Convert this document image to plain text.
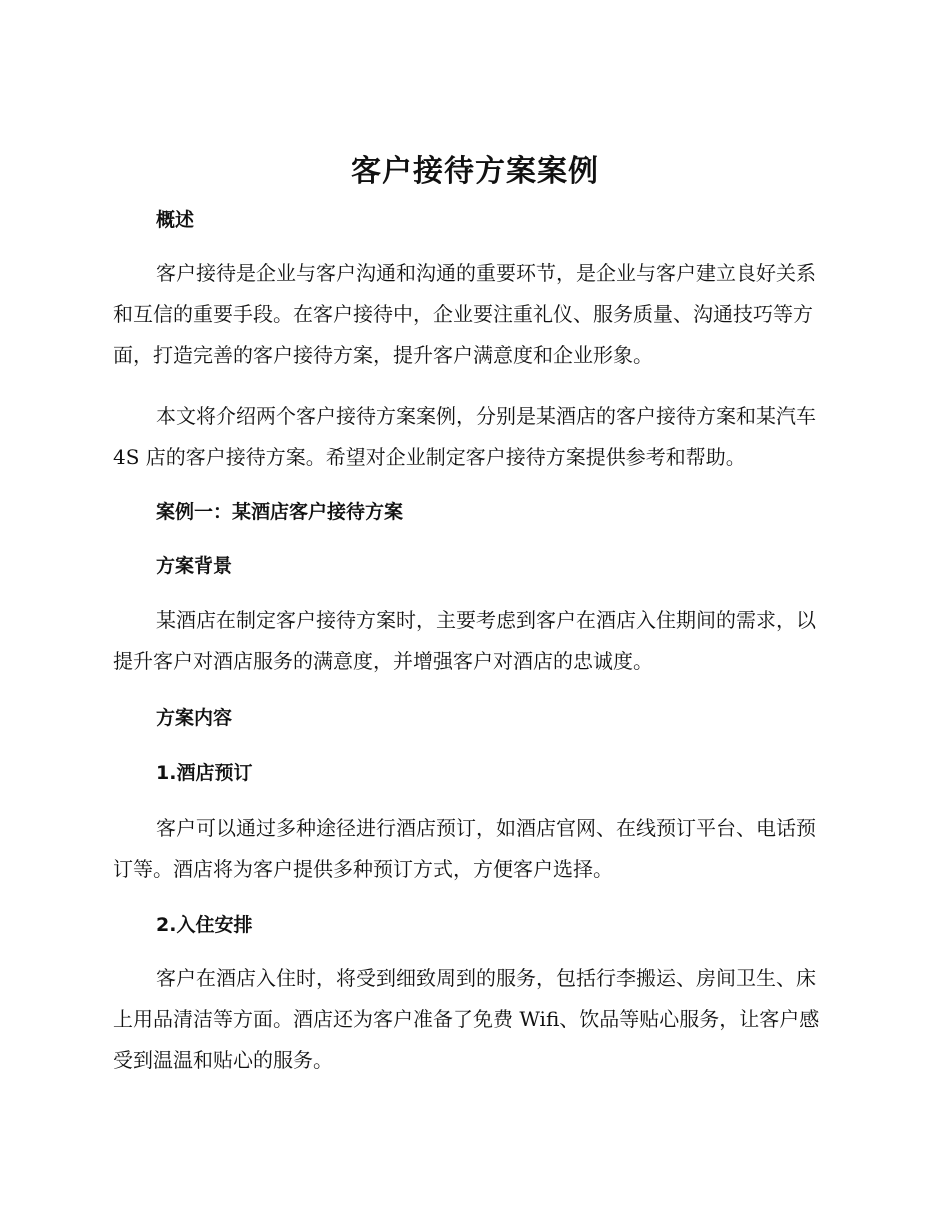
客户接待方案案例
概述

客户接待是企业与客户沟通和沟通的重要环节，是企业与客户建立良好关系和互信的重要手段。在客户接待中，企业要注重礼仪、服务质量、沟通技巧等方面，打造完善的客户接待方案，提升客户满意度和企业形象。

本文将介绍两个客户接待方案案例，分别是某酒店的客户接待方案和某汽车 4S 店的客户接待方案。希望对企业制定客户接待方案提供参考和帮助。

案例一：某酒店客户接待方案
方案背景

某酒店在制定客户接待方案时，主要考虑到客户在酒店入住期间的需求，以提升客户对酒店服务的满意度，并增强客户对酒店的忠诚度。

方案内容
1.酒店预订

客户可以通过多种途径进行酒店预订，如酒店官网、在线预订平台、电话预订等。酒店将为客户提供多种预订方式，方便客户选择。

2.入住安排

客户在酒店入住时，将受到细致周到的服务，包括行李搬运、房间卫生、床上用品清洁等方面。酒店还为客户准备了免费 Wifi、饮品等贴心服务，让客户感受到温温和贴心的服务。
